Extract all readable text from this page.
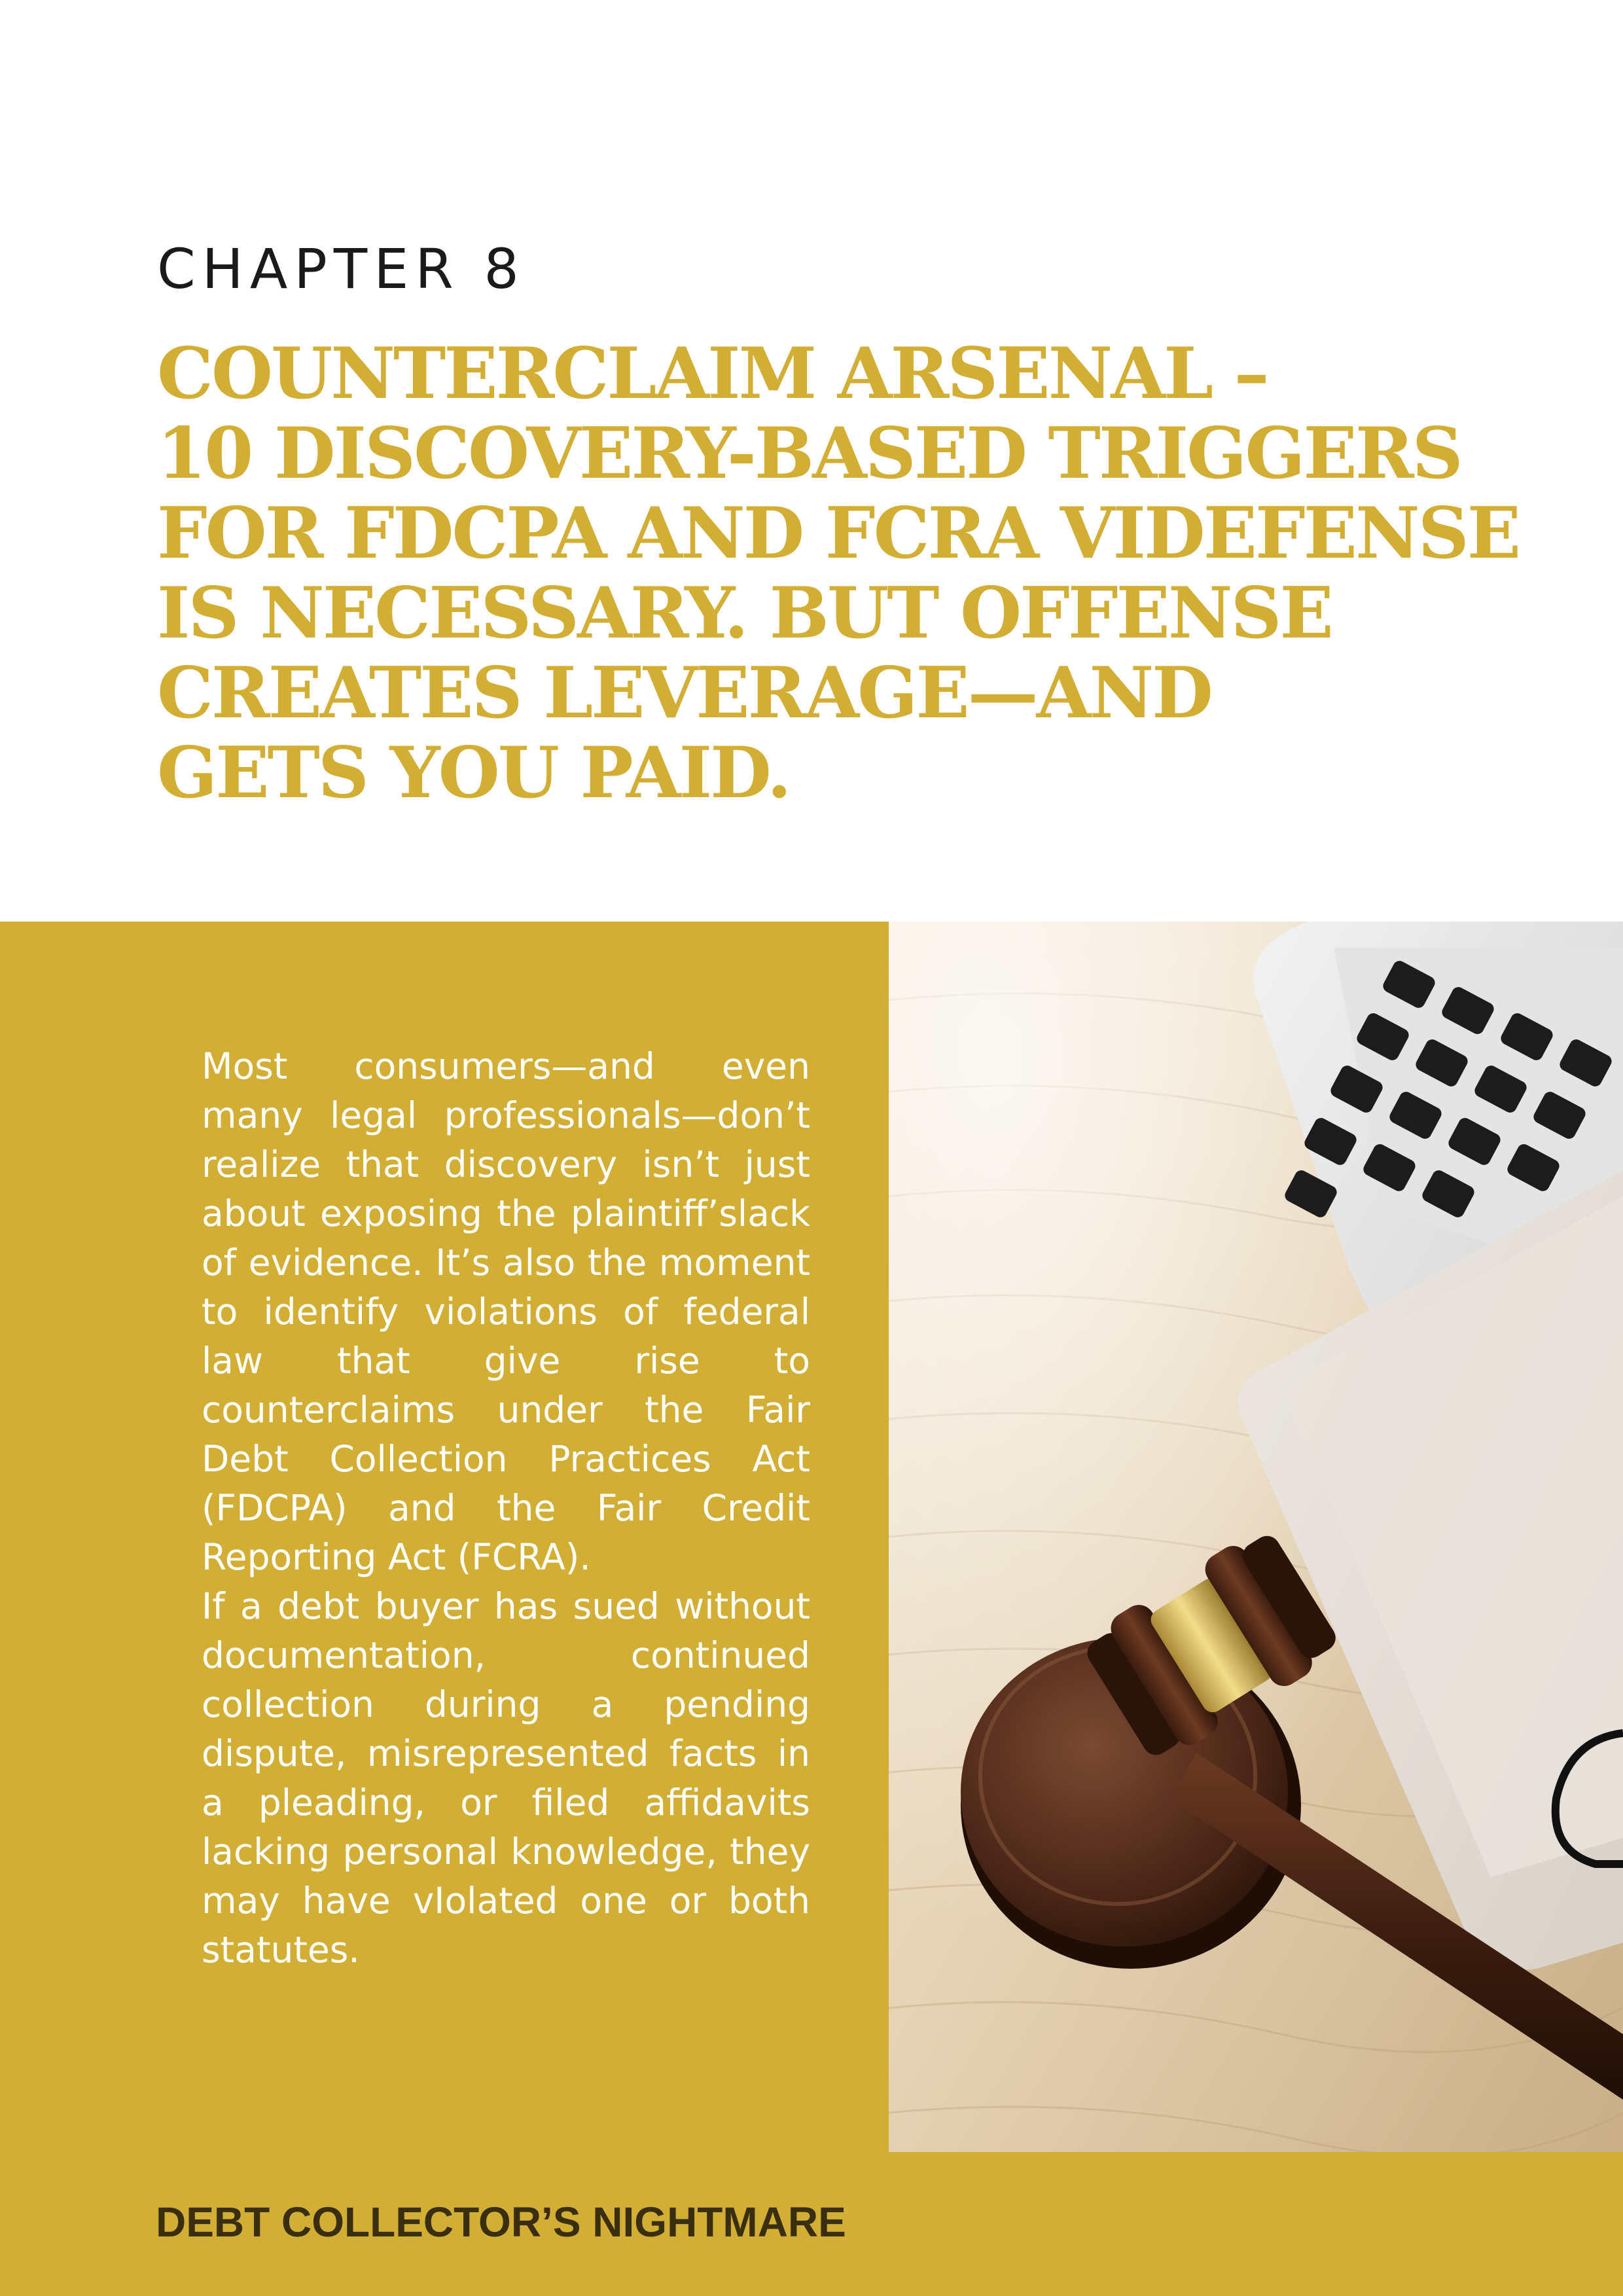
CHAPTER 8
COUNTERCLAIM ARSENAL –
10 DISCOVERY-BASED TRIGGERS
FOR FDCPA AND FCRA VIDEFENSE
IS NECESSARY. BUT OFFENSE
CREATES LEVERAGE—AND
GETS YOU PAID.

Most consumers—and even many legal professionals—don’t realize that discovery isn’t just about exposing the plaintiff’slack of evidence. It’s also the moment to identify violations of federal law that give rise to counterclaims under the Fair Debt Collection Practices Act (FDCPA) and the Fair Credit Reporting Act (FCRA).

If a debt buyer has sued without documentation, continued collection during a pending dispute, misrepresented facts in a pleading, or filed affidavits lacking personal knowledge, they may have vIolated one or both statutes.

DEBT COLLECTOR’S NIGHTMARE
